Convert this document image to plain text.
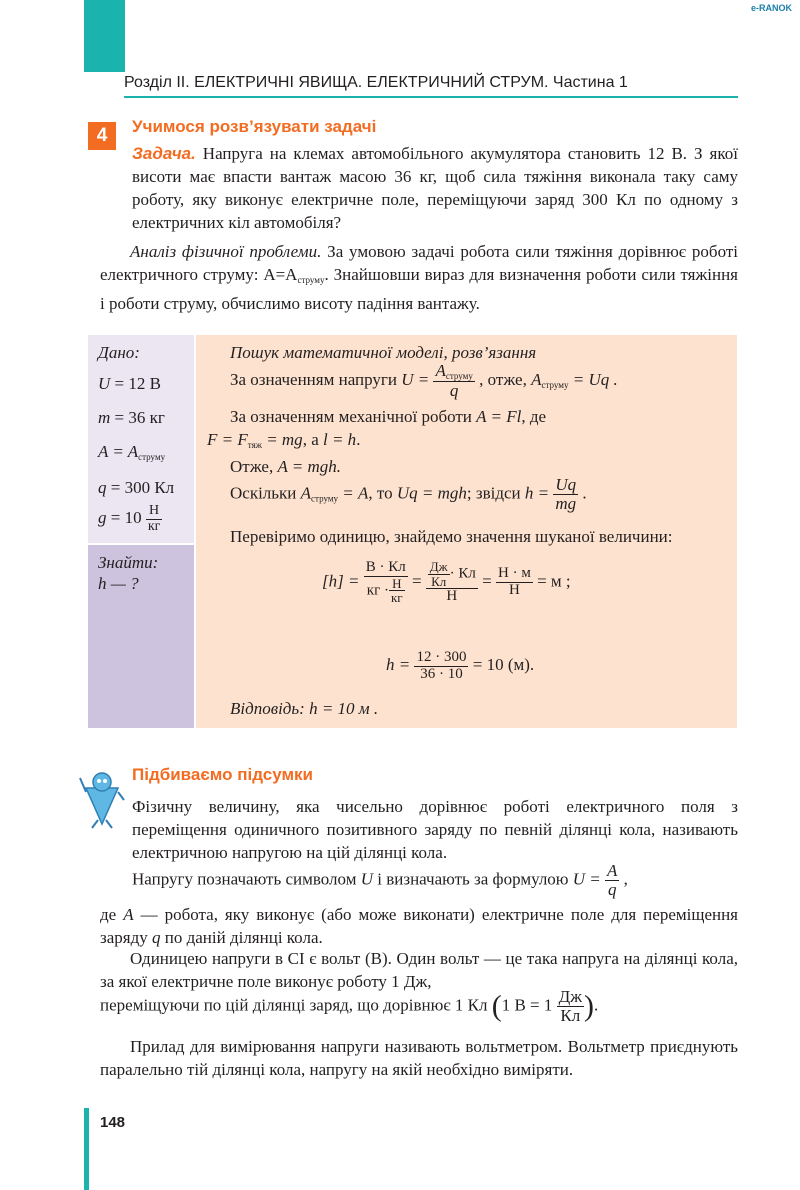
e-RANOK
Розділ ІІ. ЕЛЕКТРИЧНІ ЯВИЩА. ЕЛЕКТРИЧНИЙ СТРУМ. Частина 1
4	Учимося розв’язувати задачі

Задача. Напруга на клемах автомобільного акумулятора становить 12 В. З якої висоти має впасти вантаж масою 36 кг, щоб сила тяжіння виконала таку саму роботу, яку виконує електричне поле, переміщуючи заряд 300 Кл по одному з електричних кіл автомобіля?

Аналіз фізичної проблеми. За умовою задачі робота сили тяжіння дорівнює роботі електричного струму: $A=A_{струму}$. Знайшовши вираз для визначення роботи сили тяжіння і роботи струму, обчислимо висоту падіння вантажу.

Дано:
U = 12 В
m = 36 кг
$A = A_{струму}$
q = 300 Кл
$g = 10 \frac{Н}{кг}$
Знайти:
h — ?
Пошук математичної моделі, розв’язання
За означенням напруги $U = \frac{A_{струму}}{q}$ , отже, $A_{струму} = Uq$ .
За означенням механічної роботи A = Fl, де
$F = F_{тяж}$ = mg, а l = h.
Отже, A = mgh.
Оскільки $A_{струму} = A$, то Uq = mgh; звідси $h = \frac{Uq}{mg}$ .

Перевіримо одиницю, знайдемо значення шуканої величини:

$[h] = \frac{В \cdot Кл}{кг \cdot \frac{Н}{кг}} = \frac{\frac{Дж}{Кл} \cdot Кл}{Н} = \frac{Н \cdot м}{Н} = м$ ;
$h = \frac{12 \cdot 300}{36 \cdot 10} = 10$ (м).
Відповідь: h = 10 м .
Підбиваємо підсумки

Фізичну величину, яка чисельно дорівнює роботі електричного поля з переміщення одиничного позитивного заряду по певній ділянці кола, називають електричною напругою на цій ділянці кола.

Напругу позначають символом U і визначають за формулою $U = \frac{A}{q}$ ,

де A — робота, яку виконує (або може виконати) електричне поле для переміщення заряду q по даній ділянці кола.

Одиницею напруги в СІ є вольт (В). Один вольт — це така напруга на ділянці кола, за якої електричне поле виконує роботу 1 Дж,

переміщуючи по цій ділянці заряд, що дорівнює 1 Кл (1 $В = 1 \frac{Дж}{Кл}$ ).

Прилад для вимірювання напруги називають вольтметром. Вольтметр приєднують паралельно тій ділянці кола, напругу на якій необхідно виміряти.

148
